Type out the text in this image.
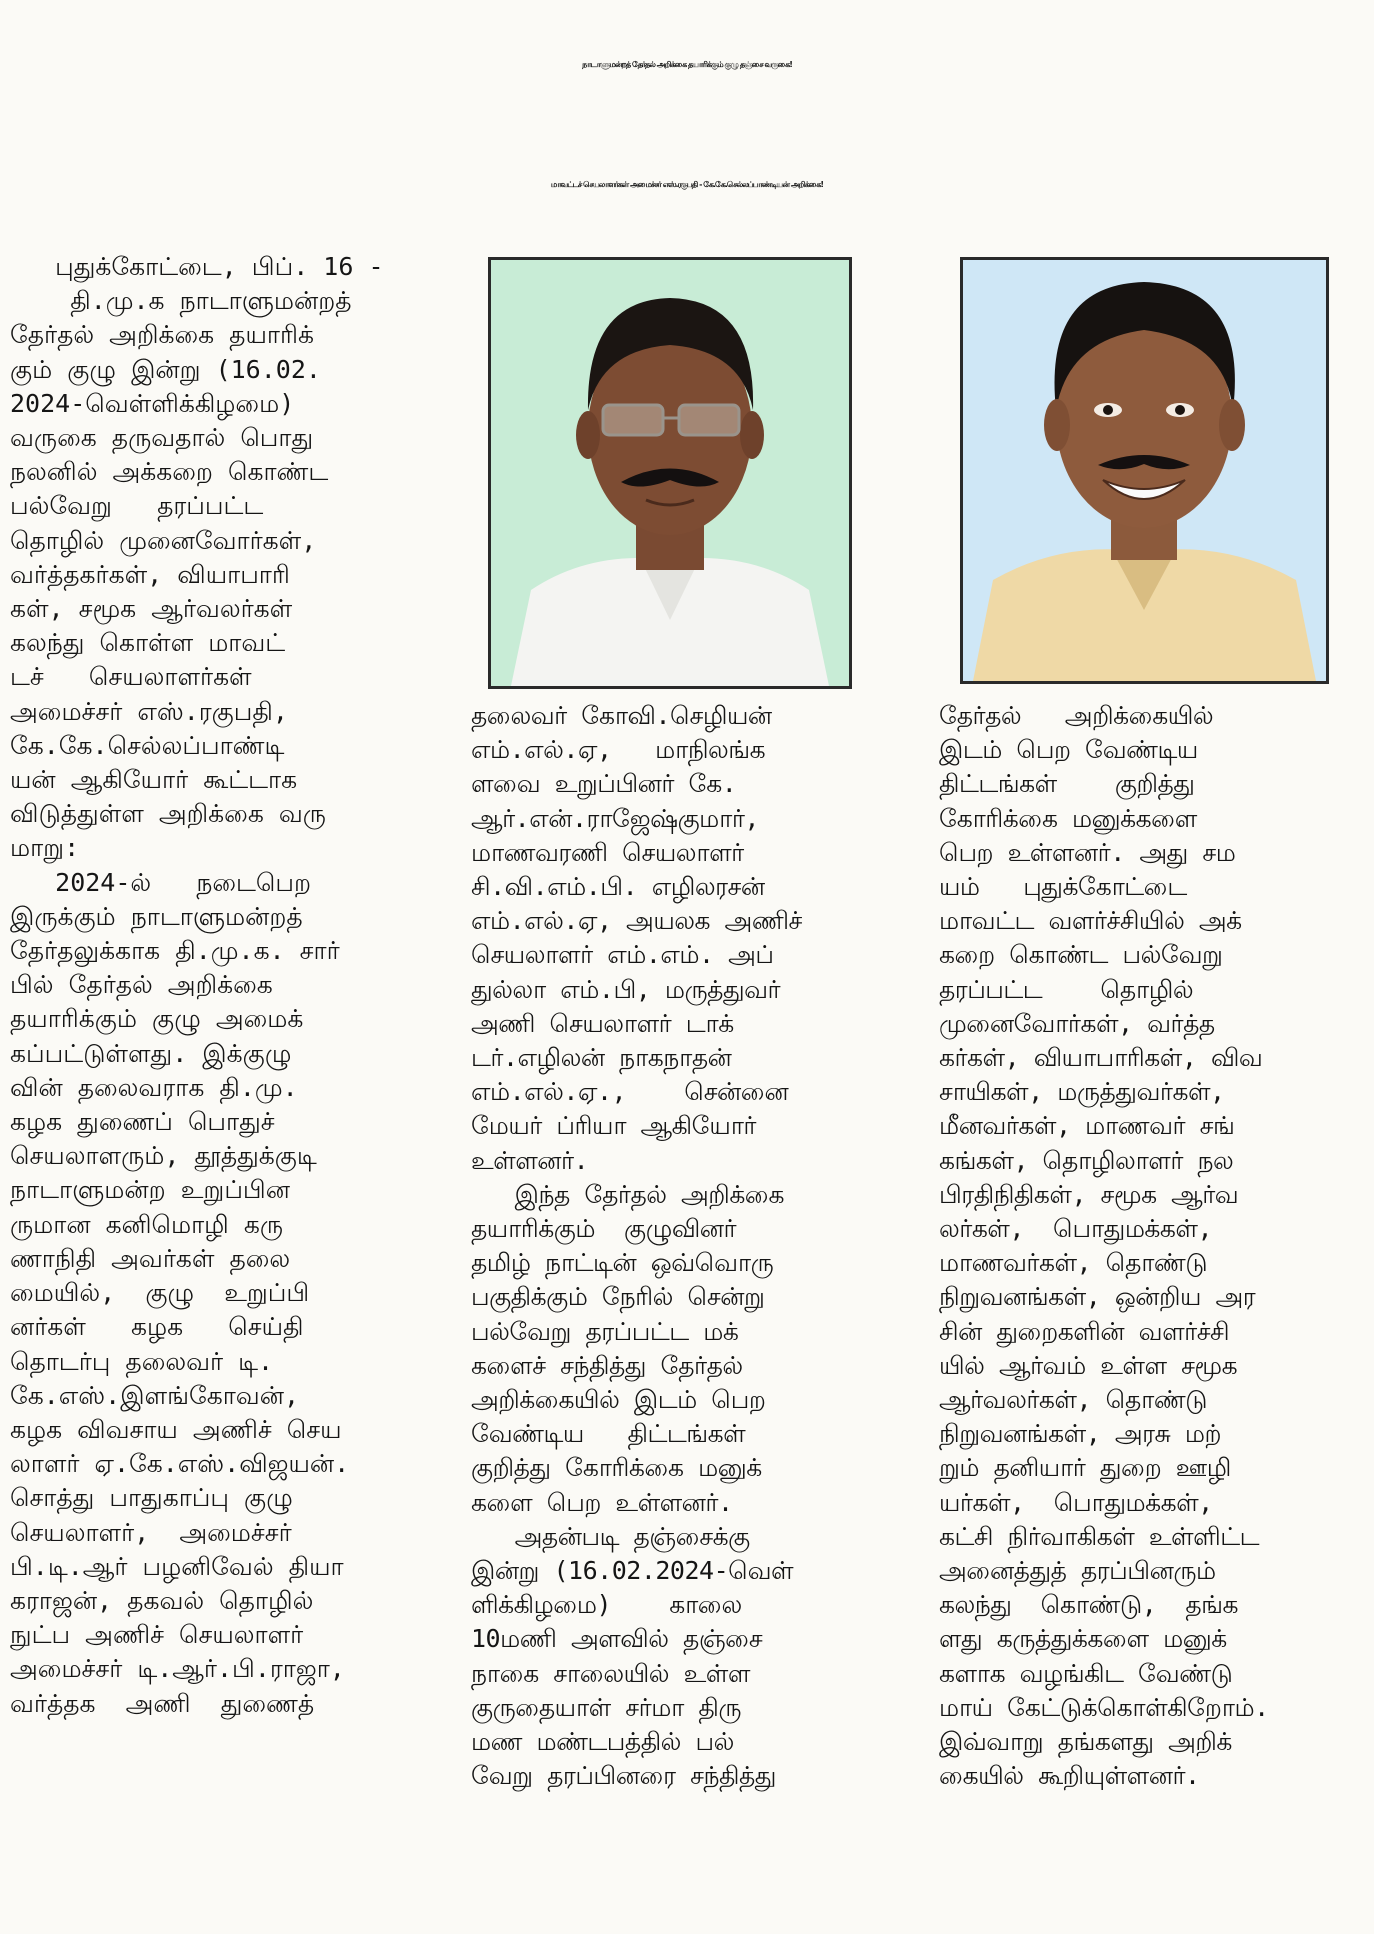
நாடாளுமன்றத் தேர்தல் அறிக்கை தயாரிக்கும் குழு தஞ்சை வருகை!
மாவட்டச் செயலாளர்கள் அமைச்சர் எஸ்.ரகுபதி - கே.கே.செல்லப்பாண்டியன் அறிக்கை!

புதுக்கோட்டை, பிப். 16 -

தி.மு.க நாடாளுமன்றத்

தேர்தல் அறிக்கை தயாரிக்

கும் குழு இன்று (16.02.

2024-வெள்ளிக்கிழமை)

வருகை தருவதால் பொது

நலனில் அக்கறை கொண்ட

பல்வேறு   தரப்பட்ட

தொழில் முனைவோர்கள்,

வர்த்தகர்கள், வியாபாரி

கள், சமூக ஆர்வலர்கள்

கலந்து கொள்ள மாவட்

டச்   செயலாளர்கள்

அமைச்சர் எஸ்.ரகுபதி,

கே.கே.செல்லப்பாண்டி

யன் ஆகியோர் கூட்டாக

விடுத்துள்ள அறிக்கை வரு

மாறு:

2024-ல்   நடைபெற

இருக்கும் நாடாளுமன்றத்

தேர்தலுக்காக தி.மு.க. சார்

பில் தேர்தல் அறிக்கை

தயாரிக்கும் குழு அமைக்

கப்பட்டுள்ளது. இக்குழு

வின் தலைவராக தி.மு.

கழக துணைப் பொதுச்

செயலாளரும், தூத்துக்குடி

நாடாளுமன்ற உறுப்பின

ருமான கனிமொழி கரு

ணாநிதி அவர்கள் தலை

மையில்,  குழு  உறுப்பி

னர்கள்   கழக   செய்தி

தொடர்பு தலைவர் டி.

கே.எஸ்.இளங்கோவன்,

கழக விவசாய அணிச் செய

லாளர் ஏ.கே.எஸ்.விஜயன்.

சொத்து பாதுகாப்பு குழு

செயலாளர்,  அமைச்சர்

பி.டி.ஆர் பழனிவேல் தியா

கராஜன், தகவல் தொழில்

நுட்ப அணிச் செயலாளர்

அமைச்சர் டி.ஆர்.பி.ராஜா,

வர்த்தக  அணி  துணைத்

தலைவர் கோவி.செழியன்

எம்.எல்.ஏ,   மாநிலங்க

ளவை உறுப்பினர் கே.

ஆர்.என்.ராஜேஷ்குமார்,

மாணவரணி செயலாளர்

சி.வி.எம்.பி. எழிலரசன்

எம்.எல்.ஏ, அயலக அணிச்

செயலாளர் எம்.எம். அப்

துல்லா எம்.பி, மருத்துவர்

அணி செயலாளர் டாக்

டர்.எழிலன் நாகநாதன்

எம்.எல்.ஏ.,    சென்னை

மேயர் ப்ரியா ஆகியோர்

உள்ளனர்.

இந்த தேர்தல் அறிக்கை

தயாரிக்கும்  குழுவினர்

தமிழ் நாட்டின் ஒவ்வொரு

பகுதிக்கும் நேரில் சென்று

பல்வேறு தரப்பட்ட மக்

களைச் சந்தித்து தேர்தல்

அறிக்கையில் இடம் பெற

வேண்டிய   திட்டங்கள்

குறித்து கோரிக்கை மனுக்

களை பெற உள்ளனர்.

அதன்படி தஞ்சைக்கு

இன்று (16.02.2024-வெள்

ளிக்கிழமை)    காலை

10மணி அளவில் தஞ்சை

நாகை சாலையில் உள்ள

குருதையாள் சர்மா திரு

மண மண்டபத்தில் பல்

வேறு தரப்பினரை சந்தித்து

தேர்தல்   அறிக்கையில்

இடம் பெற வேண்டிய

திட்டங்கள்    குறித்து

கோரிக்கை மனுக்களை

பெற உள்ளனர். அது சம

யம்   புதுக்கோட்டை

மாவட்ட வளர்ச்சியில் அக்

கறை கொண்ட பல்வேறு

தரப்பட்ட    தொழில்

முனைவோர்கள், வர்த்த

கர்கள், வியாபாரிகள், விவ

சாயிகள், மருத்துவர்கள்,

மீனவர்கள், மாணவர் சங்

கங்கள், தொழிலாளர் நல

பிரதிநிதிகள், சமூக ஆர்வ

லர்கள்,  பொதுமக்கள்,

மாணவர்கள், தொண்டு

நிறுவனங்கள், ஒன்றிய அர

சின் துறைகளின் வளர்ச்சி

யில் ஆர்வம் உள்ள சமூக

ஆர்வலர்கள், தொண்டு

நிறுவனங்கள், அரசு மற்

றும் தனியார் துறை ஊழி

யர்கள்,  பொதுமக்கள்,

கட்சி நிர்வாகிகள் உள்ளிட்ட

அனைத்துத் தரப்பினரும்

கலந்து  கொண்டு,  தங்க

ளது கருத்துக்களை மனுக்

களாக வழங்கிட வேண்டு

மாய் கேட்டுக்கொள்கிறோம்.

இவ்வாறு தங்களது அறிக்

கையில் கூறியுள்ளனர்.
